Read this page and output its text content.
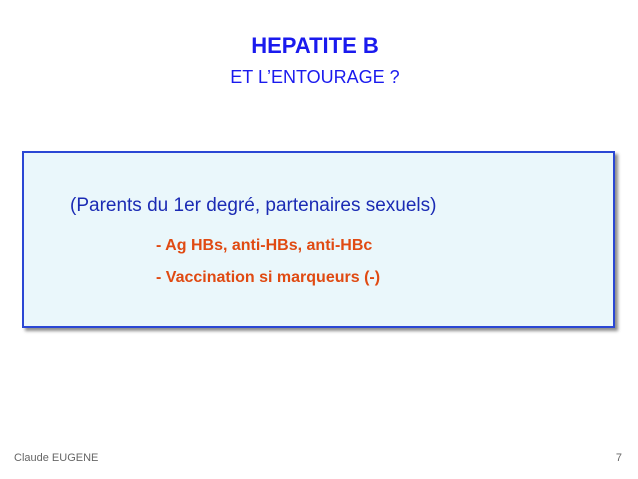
HEPATITE B
ET L’ENTOURAGE ?
(Parents du 1er degré, partenaires sexuels)
- Ag HBs, anti-HBs, anti-HBc
- Vaccination si marqueurs (-)
Claude EUGENE	7
